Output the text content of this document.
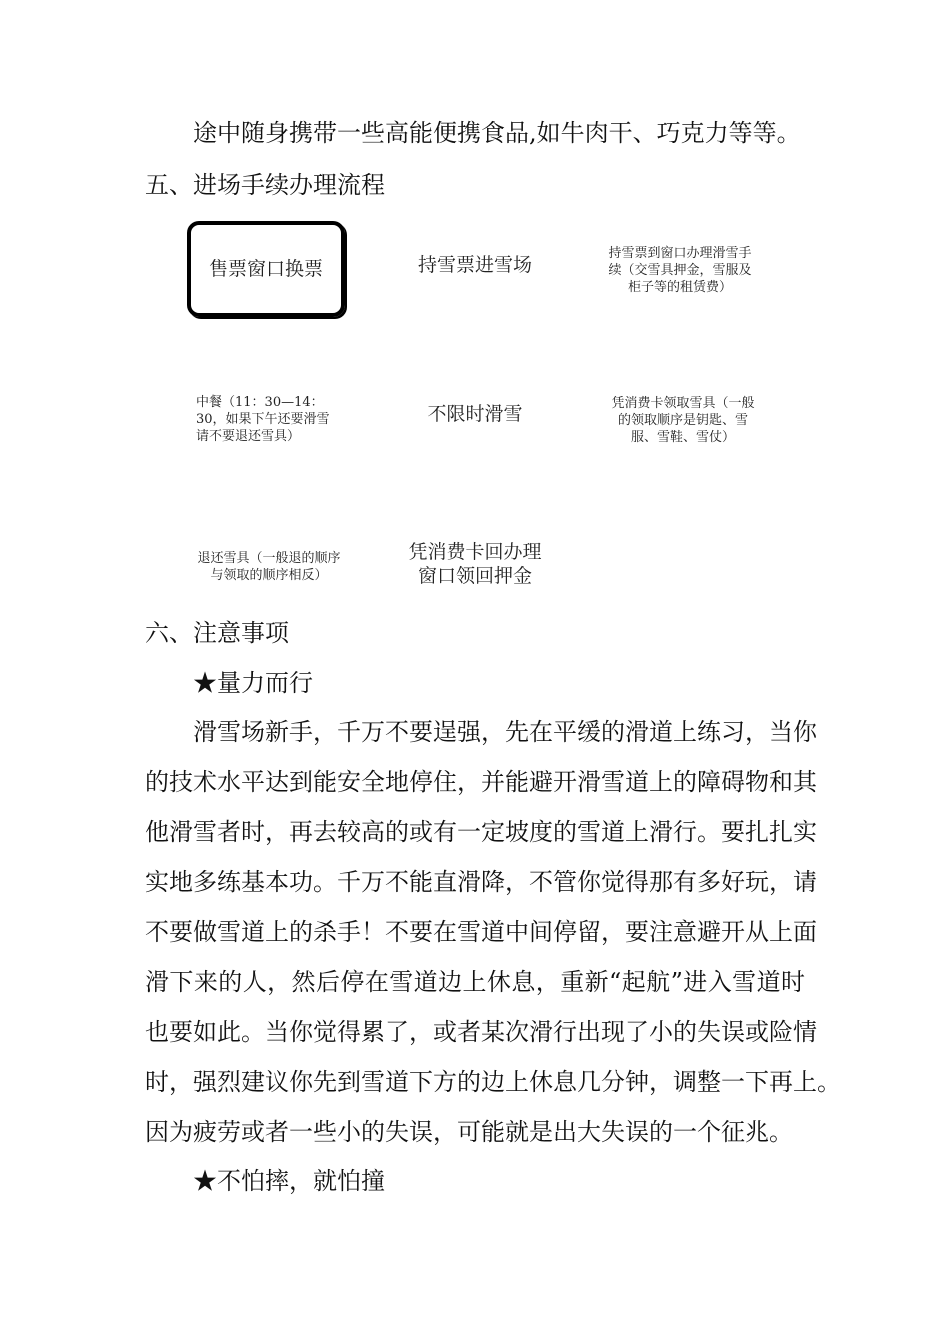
途中随身携带一些高能便携食品,如牛肉干、巧克力等等。
五、进场手续办理流程
售票窗口换票	持雪票进雪场
持雪票到窗口办理滑雪手续（交雪具押金，雪服及柜子等的租赁费）
凭消费卡领取雪具（一般的领取顺序是钥匙、雪服、雪鞋、雪仗）
不限时滑雪
中餐（11：30—14：30，如果下午还要滑雪请不要退还雪具）
退还雪具（一般退的顺序与领取的顺序相反）
凭消费卡回办理窗口领回押金
六、注意事项
★量力而行
滑雪场新手，千万不要逞强，先在平缓的滑道上练习，当你
的技术水平达到能安全地停住，并能避开滑雪道上的障碍物和其
他滑雪者时，再去较高的或有一定坡度的雪道上滑行。要扎扎实
实地多练基本功。千万不能直滑降，不管你觉得那有多好玩，请
不要做雪道上的杀手！不要在雪道中间停留，要注意避开从上面
滑下来的人，然后停在雪道边上休息，重新“起航”进入雪道时
也要如此。当你觉得累了，或者某次滑行出现了小的失误或险情
时，强烈建议你先到雪道下方的边上休息几分钟，调整一下再上。
因为疲劳或者一些小的失误，可能就是出大失误的一个征兆。
★不怕摔，就怕撞
